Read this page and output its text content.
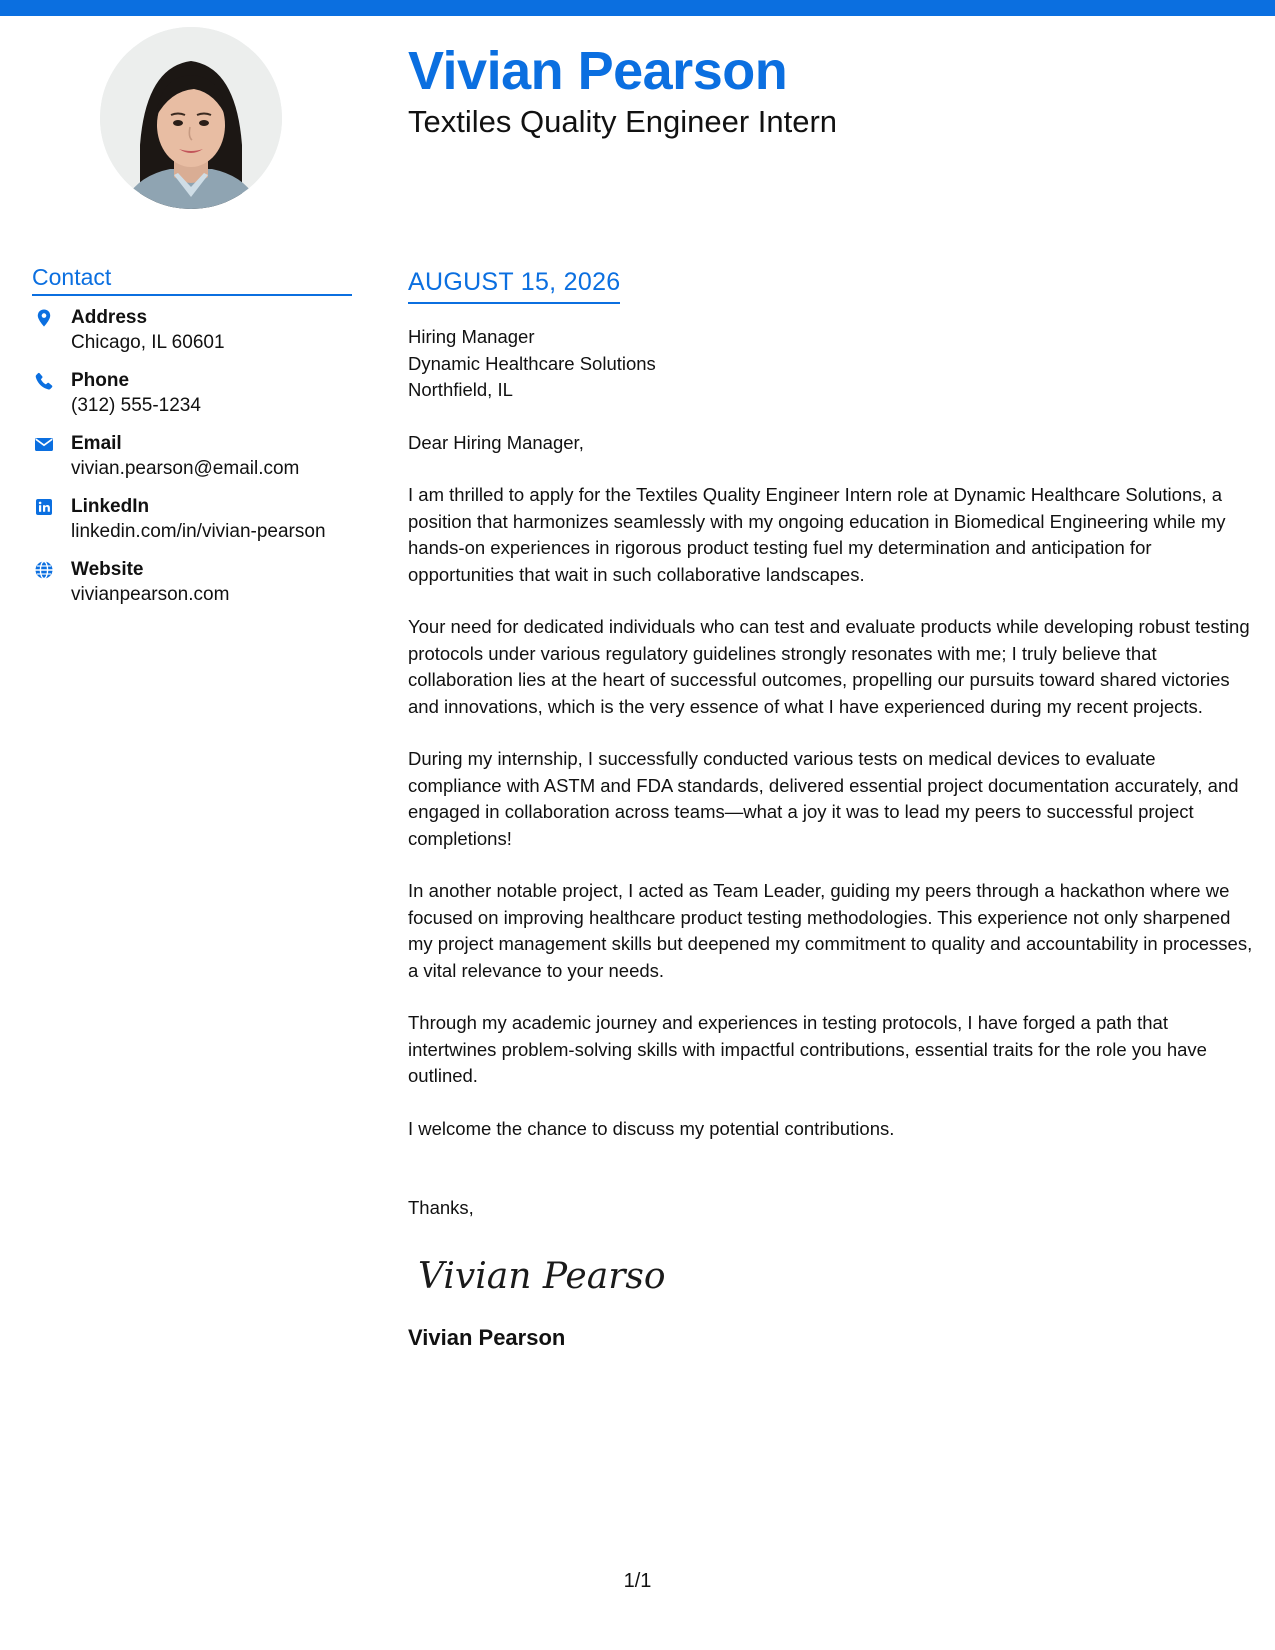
Vivian Pearson
Textiles Quality Engineer Intern
Contact
Address
Chicago, IL 60601
Phone
(312) 555-1234
Email
vivian.pearson@email.com
LinkedIn
linkedin.com/in/vivian-pearson
Website
vivianpearson.com
AUGUST 15, 2026
Hiring Manager
Dynamic Healthcare Solutions
Northfield, IL
Dear Hiring Manager,
I am thrilled to apply for the Textiles Quality Engineer Intern role at Dynamic Healthcare Solutions, a position that harmonizes seamlessly with my ongoing education in Biomedical Engineering while my hands-on experiences in rigorous product testing fuel my determination and anticipation for opportunities that wait in such collaborative landscapes.
Your need for dedicated individuals who can test and evaluate products while developing robust testing protocols under various regulatory guidelines strongly resonates with me; I truly believe that collaboration lies at the heart of successful outcomes, propelling our pursuits toward shared victories and innovations, which is the very essence of what I have experienced during my recent projects.
During my internship, I successfully conducted various tests on medical devices to evaluate compliance with ASTM and FDA standards, delivered essential project documentation accurately, and engaged in collaboration across teams—what a joy it was to lead my peers to successful project completions!
In another notable project, I acted as Team Leader, guiding my peers through a hackathon where we focused on improving healthcare product testing methodologies. This experience not only sharpened my project management skills but deepened my commitment to quality and accountability in processes, a vital relevance to your needs.
Through my academic journey and experiences in testing protocols, I have forged a path that intertwines problem-solving skills with impactful contributions, essential traits for the role you have outlined.
I welcome the chance to discuss my potential contributions.
Thanks,
Vivian Pearson
Vivian Pearson
1/1
